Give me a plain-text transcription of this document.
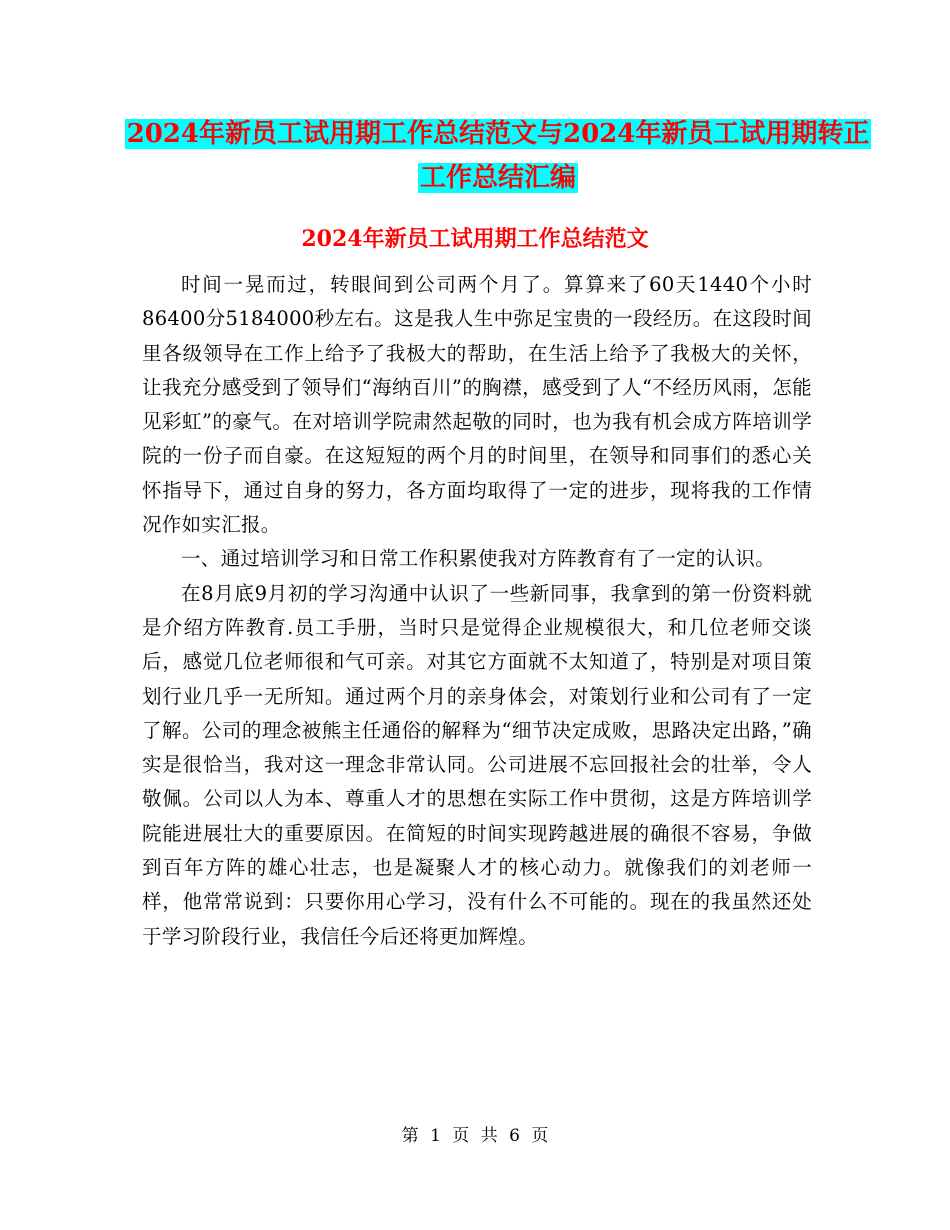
2024年新员工试用期工作总结范文与2024年新员工试用期转正工作总结汇编
2024年新员工试用期工作总结范文

时间一晃而过，转眼间到公司两个月了。算算来了60天1440个小时86400分5184000秒左右。这是我人生中弥足宝贵的一段经历。在这段时间里各级领导在工作上给予了我极大的帮助，在生活上给予了我极大的关怀，让我充分感受到了领导们“海纳百川”的胸襟，感受到了人“不经历风雨，怎能见彩虹”的豪气。在对培训学院肃然起敬的同时，也为我有机会成方阵培训学院的一份子而自豪。在这短短的两个月的时间里，在领导和同事们的悉心关怀指导下，通过自身的努力，各方面均取得了一定的进步，现将我的工作情况作如实汇报。

一、通过培训学习和日常工作积累使我对方阵教育有了一定的认识。

在8月底9月初的学习沟通中认识了一些新同事，我拿到的第一份资料就是介绍方阵教育.员工手册，当时只是觉得企业规模很大，和几位老师交谈后，感觉几位老师很和气可亲。对其它方面就不太知道了，特别是对项目策划行业几乎一无所知。通过两个月的亲身体会，对策划行业和公司有了一定了解。公司的理念被熊主任通俗的解释为“细节决定成败，思路决定出路，”确实是很恰当，我对这一理念非常认同。公司进展不忘回报社会的壮举，令人敬佩。公司以人为本、尊重人才的思想在实际工作中贯彻，这是方阵培训学院能进展壮大的重要原因。在简短的时间实现跨越进展的确很不容易，争做到百年方阵的雄心壮志，也是凝聚人才的核心动力。就像我们的刘老师一样，他常常说到：只要你用心学习，没有什么不可能的。现在的我虽然还处于学习阶段行业，我信任今后还将更加辉煌。

第 1 页 共 6 页
